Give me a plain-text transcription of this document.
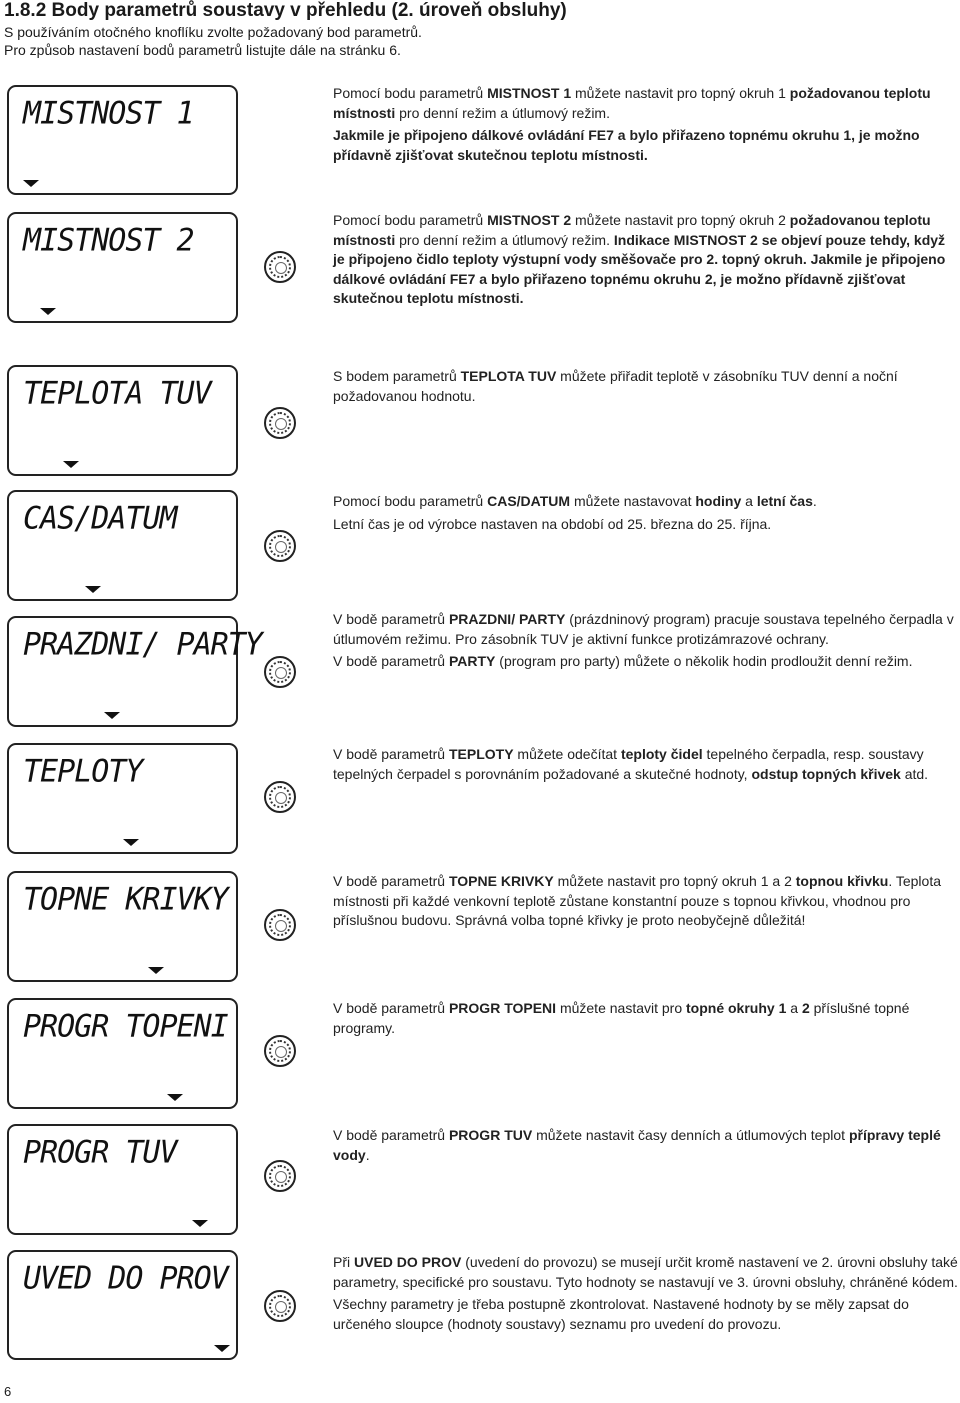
1.8.2 Body parametrů soustavy v přehledu (2. úroveň obsluhy)
S používáním otočného knoflíku zvolte požadovaný bod parametrů.
Pro způsob nastavení bodů parametrů listujte dále na stránku 6.
MISTNOST 1

Pomocí bodu parametrů MISTNOST 1 můžete nastavit pro topný okruh 1 požadovanou teplotu místnosti pro denní režim a útlumový režim.

Jakmile je připojeno dálkové ovládání FE7 a bylo přiřazeno topnému okruhu 1, je možno přídavně zjišťovat skutečnou teplotu místnosti.

MISTNOST 2

Pomocí bodu parametrů MISTNOST 2 můžete nastavit pro topný okruh 2 požadovanou teplotu místnosti pro denní režim a útlumový režim. Indikace MISTNOST 2 se objeví pouze tehdy, když je připojeno čidlo teploty výstupní vody směšovače pro 2. topný okruh. Jakmile je připojeno dálkové ovládání FE7 a bylo přiřazeno topnému okruhu 2, je možno přídavně zjišťovat skutečnou teplotu místnosti.

TEPLOTA TUV	S bodem parametrů TEPLOTA TUV můžete přiřadit teplotě v zásobníku TUV denní a noční požadovanou hodnotu.

CAS/DATUM	Pomocí bodu parametrů CAS/DATUM můžete nastavovat hodiny a letní čas.

Letní čas je od výrobce nastaven na období od 25. března do 25. října.

PRAZDNI/ PARTY

V bodě parametrů PRAZDNI/ PARTY (prázdninový program) pracuje soustava tepelného čerpadla v útlumovém režimu. Pro zásobník TUV je aktivní funkce protizámrazové ochrany.

V bodě parametrů PARTY (program pro party) můžete o několik hodin prodloužit denní režim.

TEPLOTY	V bodě parametrů TEPLOTY můžete odečítat teploty čidel tepelného čerpadla, resp. soustavy tepelných čerpadel s porovnáním požadované a skutečné hodnoty, odstup topných křivek atd.

TOPNE KRIVKY

V bodě parametrů TOPNE KRIVKY můžete nastavit pro topný okruh 1 a 2 topnou křivku. Teplota místnosti při každé venkovní teplotě zůstane konstantní pouze s topnou křivkou, vhodnou pro příslušnou budovu. Správná volba topné křivky je proto neobyčejně důležitá!

PROGR TOPENI

V bodě parametrů PROGR TOPENI můžete nastavit pro topné okruhy 1 a 2 příslušné topné programy.

PROGR TUV	V bodě parametrů PROGR TUV můžete nastavit časy denních a útlumových teplot přípravy teplé vody.

UVED DO PROV	Při UVED DO PROV (uvedení do provozu) se musejí určit kromě nastavení ve 2. úrovni obsluhy také parametry, specifické pro soustavu. Tyto hodnoty se nastavují ve 3. úrovni obsluhy, chráněné kódem.

Všechny parametry je třeba postupně zkontrolovat. Nastavené hodnoty by se měly zapsat do určeného sloupce (hodnoty soustavy) seznamu pro uvedení do provozu.

6
